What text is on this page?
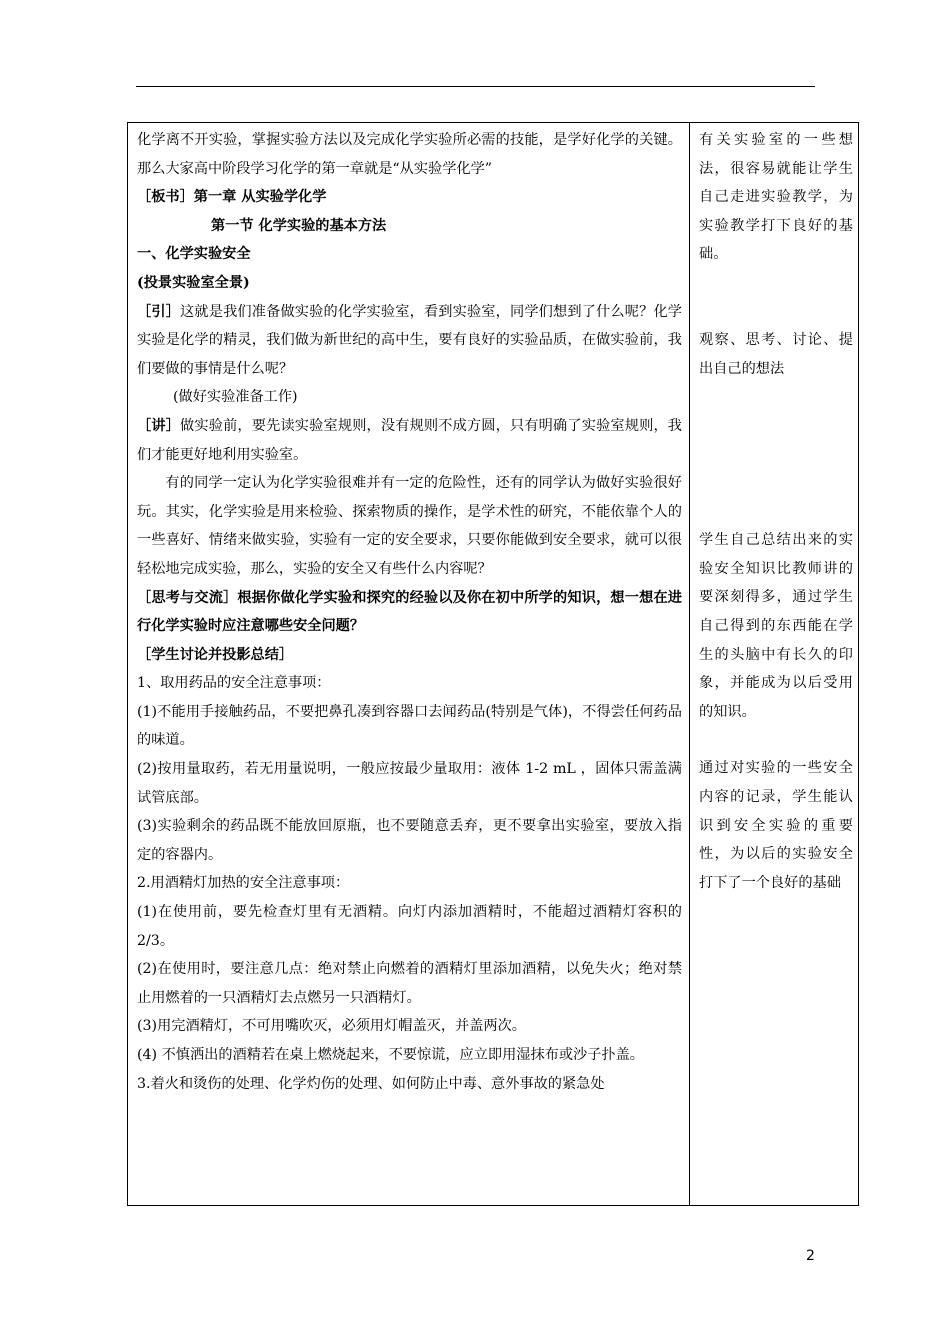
化学离不开实验，掌握实验方法以及完成化学实验所必需的技能，是学好化学的关键。那么大家高中阶段学习化学的第一章就是“从实验学化学”

［板书］第一章 从实验学化学

第一节 化学实验的基本方法

一、化学实验安全

(投景实验室全景)

［引］这就是我们准备做实验的化学实验室，看到实验室，同学们想到了什么呢？化学实验是化学的精灵，我们做为新世纪的高中生，要有良好的实验品质，在做实验前，我们要做的事情是什么呢？

(做好实验准备工作)

［讲］做实验前，要先读实验室规则，没有规则不成方圆，只有明确了实验室规则，我们才能更好地利用实验室。

有的同学一定认为化学实验很难并有一定的危险性，还有的同学认为做好实验很好玩。其实，化学实验是用来检验、探索物质的操作，是学术性的研究，不能依靠个人的一些喜好、情绪来做实验，实验有一定的安全要求，只要你能做到安全要求，就可以很轻松地完成实验，那么，实验的安全又有些什么内容呢？

［思考与交流］根据你做化学实验和探究的经验以及你在初中所学的知识，想一想在进行化学实验时应注意哪些安全问题？

［学生讨论并投影总结］

1、取用药品的安全注意事项：

(1)不能用手接触药品，不要把鼻孔凑到容器口去闻药品(特别是气体)，不得尝任何药品的味道。

(2)按用量取药，若无用量说明，一般应按最少量取用：液体 1-2 mL ，固体只需盖满试管底部。

(3)实验剩余的药品既不能放回原瓶，也不要随意丢弃，更不要拿出实验室，要放入指定的容器内。

2.用酒精灯加热的安全注意事项：

(1)在使用前，要先检查灯里有无酒精。向灯内添加酒精时，不能超过酒精灯容积的 2/3。

(2)在使用时，要注意几点：绝对禁止向燃着的酒精灯里添加酒精，以免失火；绝对禁止用燃着的一只酒精灯去点燃另一只酒精灯。

(3)用完酒精灯，不可用嘴吹灭，必须用灯帽盖灭，并盖两次。

(4) 不慎洒出的酒精若在桌上燃烧起来，不要惊谎，应立即用湿抹布或沙子扑盖。

3.着火和烫伤的处理、化学灼伤的处理、如何防止中毒、意外事故的紧急处

有关实验室的一些想法，很容易就能让学生自己走进实验教学，为实验教学打下良好的基础。

观察、思考、讨论、提出自己的想法

学生自己总结出来的实验安全知识比教师讲的要深刻得多，通过学生自己得到的东西能在学生的头脑中有长久的印象，并能成为以后受用的知识。

通过对实验的一些安全内容的记录，学生能认识到安全实验的重要性，为以后的实验安全打下了一个良好的基础

2
